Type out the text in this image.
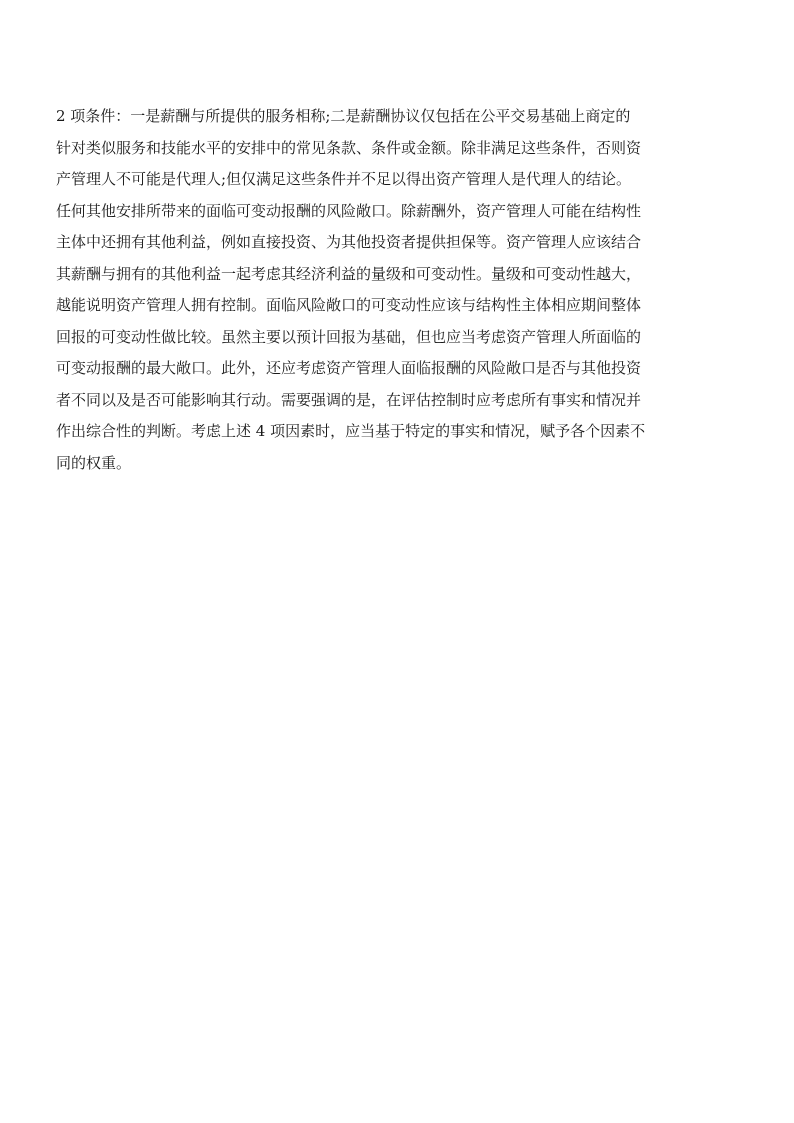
2 项条件：一是薪酬与所提供的服务相称;二是薪酬协议仅包括在公平交易基础上商定的
针对类似服务和技能水平的安排中的常见条款、条件或金额。除非满足这些条件，否则资
产管理人不可能是代理人;但仅满足这些条件并不足以得出资产管理人是代理人的结论。
任何其他安排所带来的面临可变动报酬的风险敞口。除薪酬外，资产管理人可能在结构性
主体中还拥有其他利益，例如直接投资、为其他投资者提供担保等。资产管理人应该结合
其薪酬与拥有的其他利益一起考虑其经济利益的量级和可变动性。量级和可变动性越大，
越能说明资产管理人拥有控制。面临风险敞口的可变动性应该与结构性主体相应期间整体
回报的可变动性做比较。虽然主要以预计回报为基础，但也应当考虑资产管理人所面临的
可变动报酬的最大敞口。此外，还应考虑资产管理人面临报酬的风险敞口是否与其他投资
者不同以及是否可能影响其行动。需要强调的是，在评估控制时应考虑所有事实和情况并
作出综合性的判断。考虑上述 4 项因素时，应当基于特定的事实和情况，赋予各个因素不
同的权重。
